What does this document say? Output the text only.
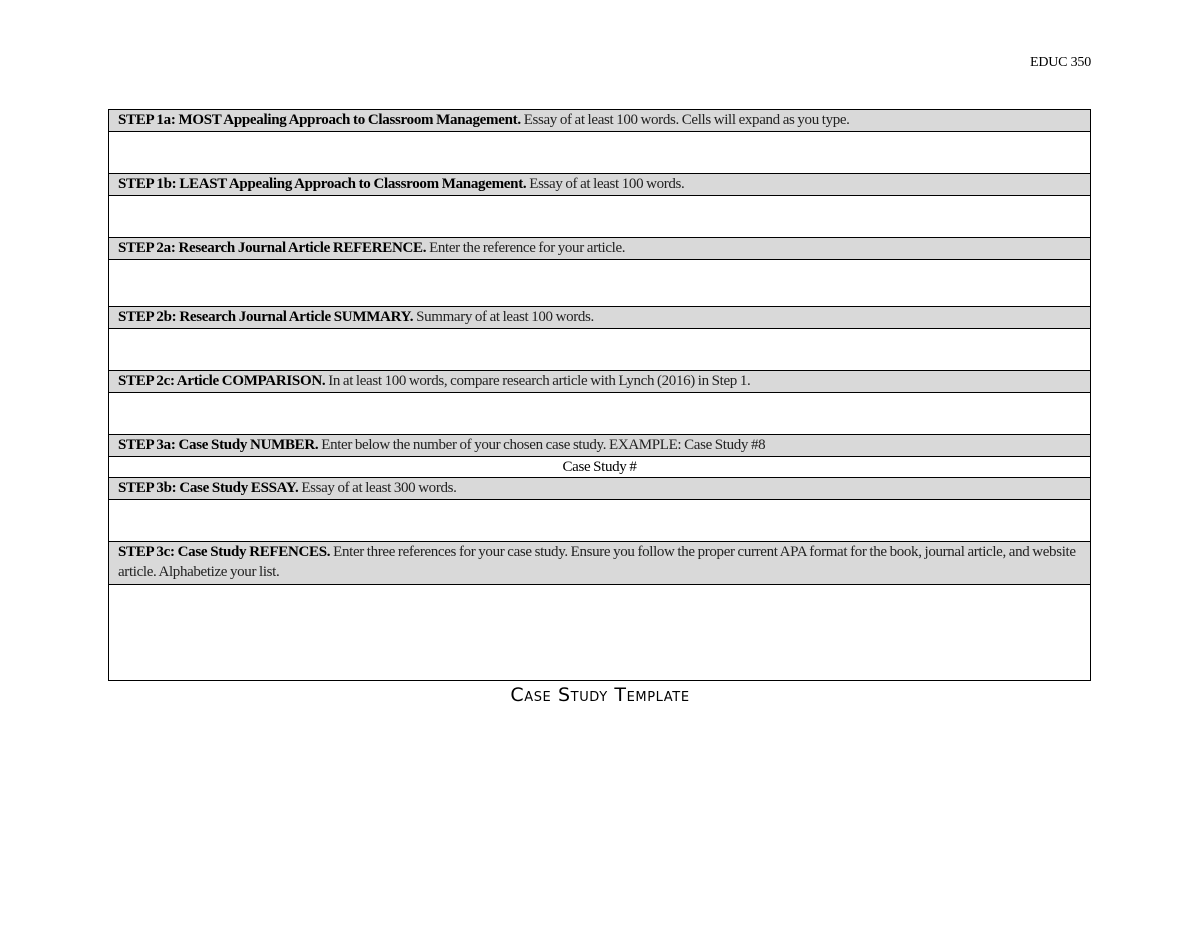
EDUC 350
STEP 1a: MOST Appealing Approach to Classroom Management. Essay of at least 100 words. Cells will expand as you type.

STEP 1b: LEAST Appealing Approach to Classroom Management. Essay of at least 100 words.

STEP 2a: Research Journal Article REFERENCE. Enter the reference for your article.

STEP 2b: Research Journal Article SUMMARY. Summary of at least 100 words.

STEP 2c: Article COMPARISON. In at least 100 words, compare research article with Lynch (2016) in Step 1.

STEP 3a: Case Study NUMBER. Enter below the number of your chosen case study. EXAMPLE: Case Study #8
Case Study #
STEP 3b: Case Study ESSAY. Essay of at least 300 words.

STEP 3c: Case Study REFENCES. Enter three references for your case study. Ensure you follow the proper current APA format for the book, journal article, and website article. Alphabetize your list.

Case Study Template
